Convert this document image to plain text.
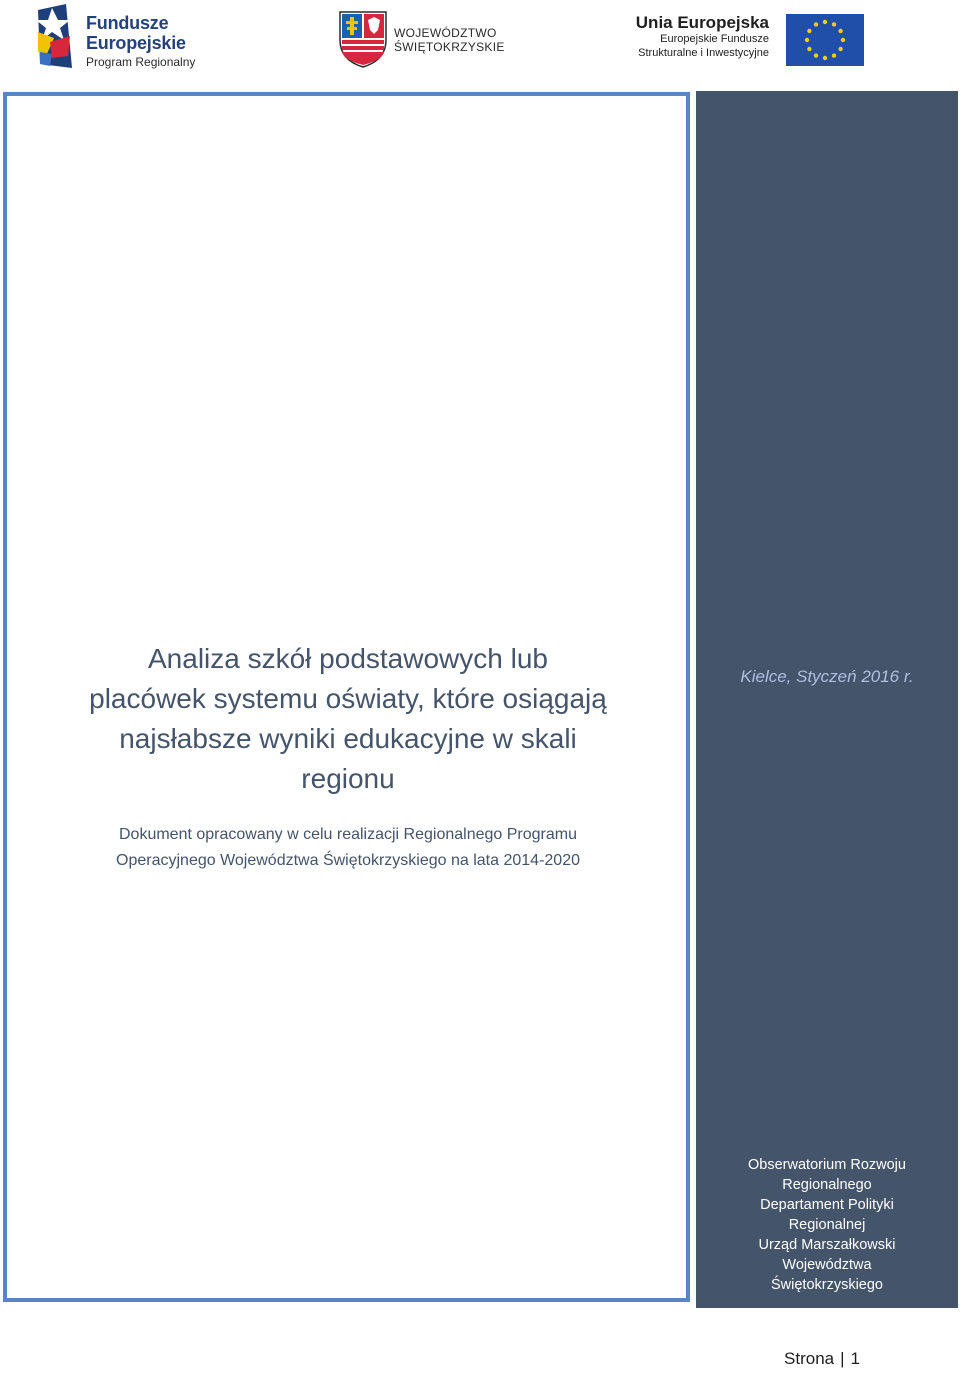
Fundusze
Europejskie
Program Regionalny
WOJEWÓDZTWO
ŚWIĘTOKRZYSKIE
Unia Europejska
Europejskie Fundusze
Strukturalne i Inwestycyjne
Analiza szkół podstawowych lub
placówek systemu oświaty, które osiągają
najsłabsze wyniki edukacyjne w skali
regionu
Dokument opracowany w celu realizacji Regionalnego Programu
Operacyjnego Województwa Świętokrzyskiego na lata 2014-2020
Kielce, Styczeń 2016 r.
Obserwatorium Rozwoju
Regionalnego
Departament Polityki
Regionalnej
Urząd Marszałkowski
Województwa
Świętokrzyskiego
Strona | 1
